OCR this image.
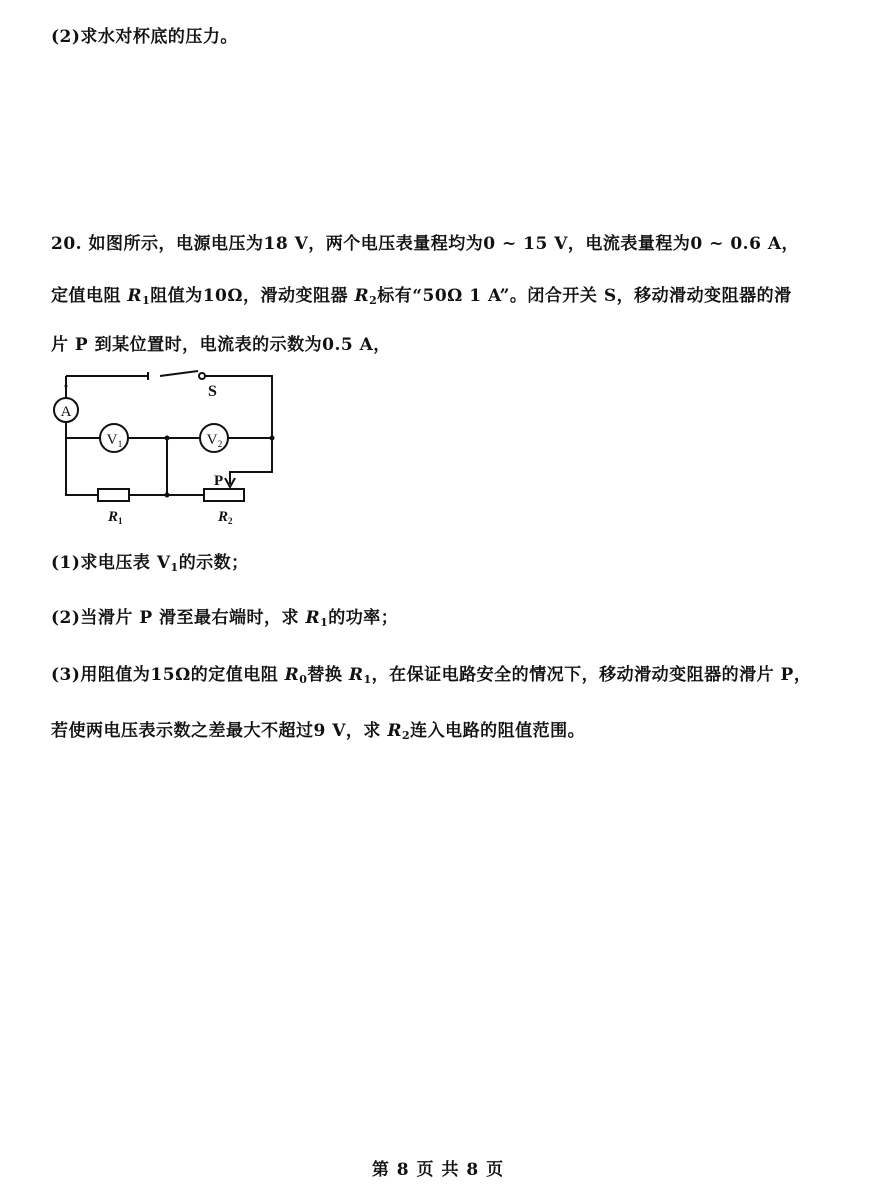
(2)求水对杯底的压力。
20. 如图所示，电源电压为18 V，两个电压表量程均为0 ~ 15 V，电流表量程为0 ~ 0.6 A，
定值电阻 $R_1$阻值为10Ω，滑动变阻器 $R_2$标有“50Ω 1 A”。闭合开关 S，移动滑动变阻器的滑
片 P 到某位置时，电流表的示数为0.5 A，
A
V 1	V 2
S
P
R 1	R 2
(1)求电压表 $V_1$的示数；
(2)当滑片 P 滑至最右端时，求 $R_1$的功率；
(3)用阻值为15Ω的定值电阻 $R_0$替换 $R_1$，在保证电路安全的情况下，移动滑动变阻器的滑片 P，
若使两电压表示数之差最大不超过9 V，求 $R_2$连入电路的阻值范围。
第 8 页 共 8 页
